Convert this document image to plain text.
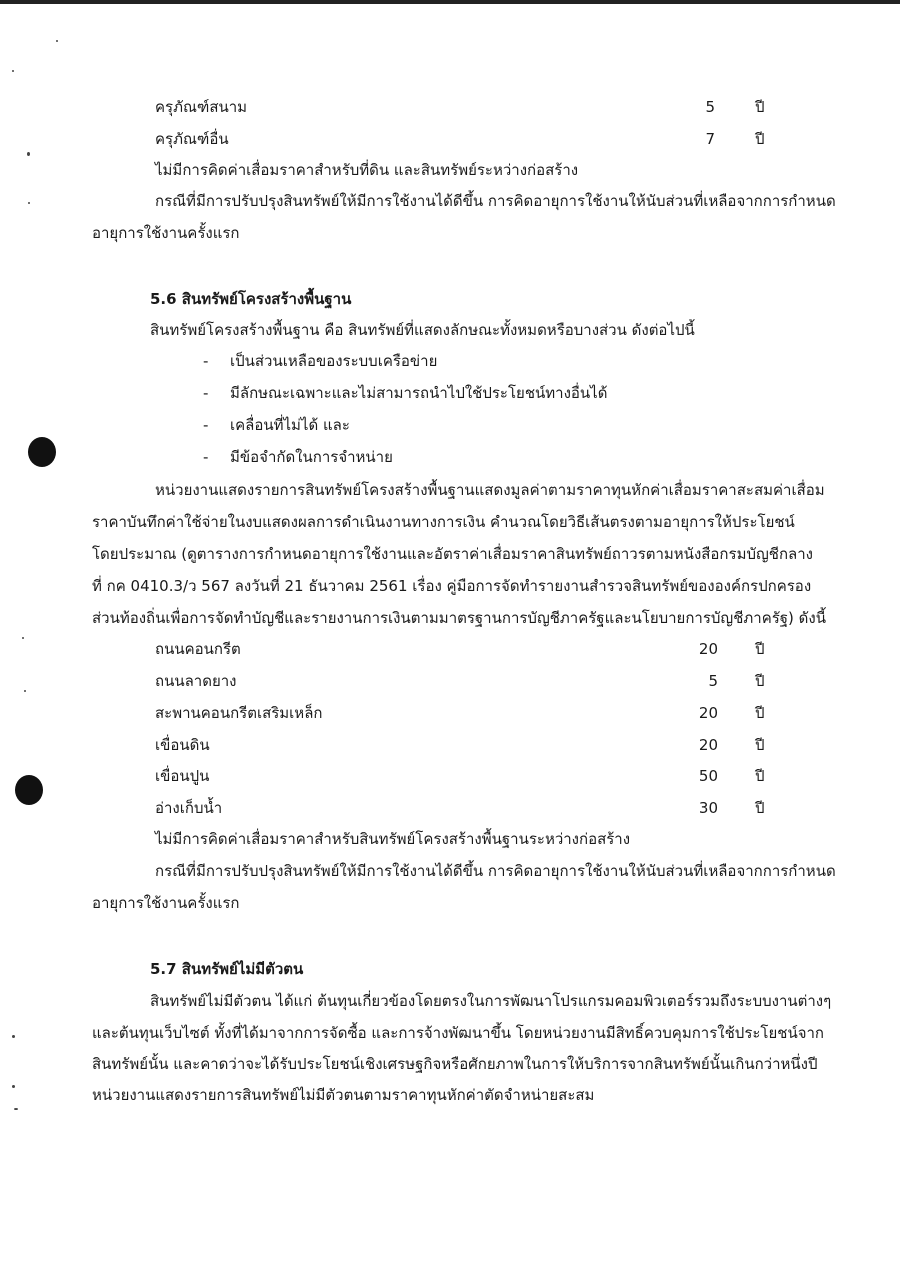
ครุภัณฑ์สนาม	5	ปี
ครุภัณฑ์อื่น	7	ปี
ไม่มีการคิดค่าเสื่อมราคาสำหรับที่ดิน และสินทรัพย์ระหว่างก่อสร้าง
กรณีที่มีการปรับปรุงสินทรัพย์ให้มีการใช้งานได้ดีขึ้น การคิดอายุการใช้งานให้นับส่วนที่เหลือจากการกำหนด
อายุการใช้งานครั้งแรก
5.6 สินทรัพย์โครงสร้างพื้นฐาน
สินทรัพย์โครงสร้างพื้นฐาน คือ สินทรัพย์ที่แสดงลักษณะทั้งหมดหรือบางส่วน ดังต่อไปนี้
- เป็นส่วนเหลือของระบบเครือข่าย
- มีลักษณะเฉพาะและไม่สามารถนำไปใช้ประโยชน์ทางอื่นได้
- เคลื่อนที่ไม่ได้ และ
- มีข้อจำกัดในการจำหน่าย
หน่วยงานแสดงรายการสินทรัพย์โครงสร้างพื้นฐานแสดงมูลค่าตามราคาทุนหักค่าเสื่อมราคาสะสมค่าเสื่อม
ราคาบันทึกค่าใช้จ่ายในงบแสดงผลการดำเนินงานทางการเงิน คำนวณโดยวิธีเส้นตรงตามอายุการให้ประโยชน์
โดยประมาณ (ดูตารางการกำหนดอายุการใช้งานและอัตราค่าเสื่อมราคาสินทรัพย์ถาวรตามหนังสือกรมบัญชีกลาง
ที่ กค 0410.3/ว 567 ลงวันที่ 21 ธันวาคม 2561 เรื่อง คู่มือการจัดทำรายงานสำรวจสินทรัพย์ขององค์กรปกครอง
ส่วนท้องถิ่นเพื่อการจัดทำบัญชีและรายงานการเงินตามมาตรฐานการบัญชีภาครัฐและนโยบายการบัญชีภาครัฐ) ดังนี้
ถนนคอนกรีต	20 ปี
ถนนลาดยาง	5 ปี
สะพานคอนกรีตเสริมเหล็ก	20 ปี
เขื่อนดิน	20 ปี
เขื่อนปูน	50 ปี
อ่างเก็บน้ำ	30 ปี
ไม่มีการคิดค่าเสื่อมราคาสำหรับสินทรัพย์โครงสร้างพื้นฐานระหว่างก่อสร้าง
กรณีที่มีการปรับปรุงสินทรัพย์ให้มีการใช้งานได้ดีขึ้น การคิดอายุการใช้งานให้นับส่วนที่เหลือจากการกำหนด
อายุการใช้งานครั้งแรก
5.7 สินทรัพย์ไม่มีตัวตน
สินทรัพย์ไม่มีตัวตน ได้แก่ ต้นทุนเกี่ยวข้องโดยตรงในการพัฒนาโปรแกรมคอมพิวเตอร์รวมถึงระบบงานต่างๆ
และต้นทุนเว็บไซต์ ทั้งที่ได้มาจากการจัดซื้อ และการจ้างพัฒนาขึ้น โดยหน่วยงานมีสิทธิ์ควบคุมการใช้ประโยชน์จาก
สินทรัพย์นั้น และคาดว่าจะได้รับประโยชน์เชิงเศรษฐกิจหรือศักยภาพในการให้บริการจากสินทรัพย์นั้นเกินกว่าหนึ่งปี
หน่วยงานแสดงรายการสินทรัพย์ไม่มีตัวตนตามราคาทุนหักค่าตัดจำหน่ายสะสม
